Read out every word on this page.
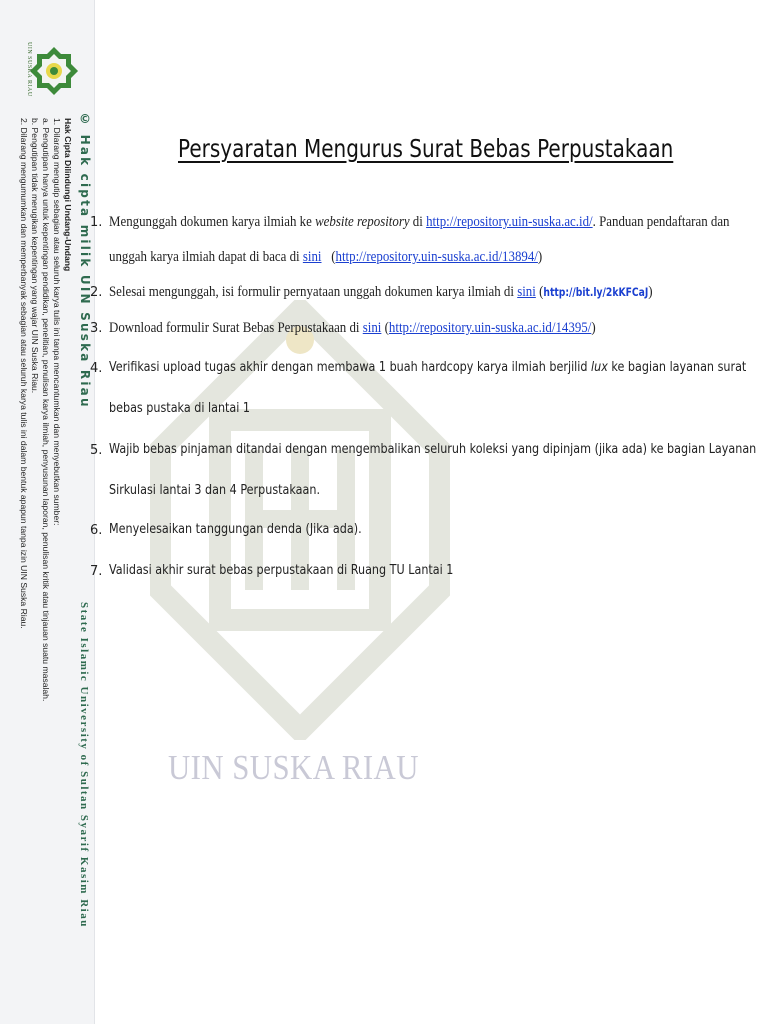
UIN SUSKA RIAU
© Hak cipta milik UIN Suska Riau
State Islamic University of Sultan Syarif Kasim Riau
Hak Cipta Dilindungi Undang-Undang
1. Dilarang mengutip sebagian atau seluruh karya tulis ini tanpa mencantumkan dan menyebutkan sumber:
a. Pengutipan hanya untuk kepentingan pendidikan, penelitian, penulisan karya ilmiah, penyusunan laporan, penulisan kritik atau tinjauan suatu masalah.
b. Pengutipan tidak merugikan kepentingan yang wajar UIN Suska Riau.
2. Dilarang mengumumkan dan memperbanyak sebagian atau seluruh karya tulis ini dalam bentuk apapun tanpa izin UIN Suska Riau.
UIN SUSKA RIAU
Persyaratan Mengurus Surat Bebas Perpustakaan
1. Mengunggah dokumen karya ilmiah ke website repository di http://repository.uin-suska.ac.id/. Panduan pendaftaran dan
unggah karya ilmiah dapat di baca di sini   (http://repository.uin-suska.ac.id/13894/)
2. Selesai mengunggah, isi formulir pernyataan unggah dokumen karya ilmiah di sini (http://bit.ly/2kKFCaJ)
3. Download formulir Surat Bebas Perpustakaan di sini (http://repository.uin-suska.ac.id/14395/)
4. Verifikasi upload tugas akhir dengan membawa 1 buah hardcopy karya ilmiah berjilid lux ke bagian layanan surat
bebas pustaka di lantai 1
5. Wajib bebas pinjaman ditandai dengan mengembalikan seluruh koleksi yang dipinjam (jika ada) ke bagian Layanan
Sirkulasi lantai 3 dan 4 Perpustakaan.
6. Menyelesaikan tanggungan denda (Jika ada).
7. Validasi akhir surat bebas perpustakaan di Ruang TU Lantai 1
